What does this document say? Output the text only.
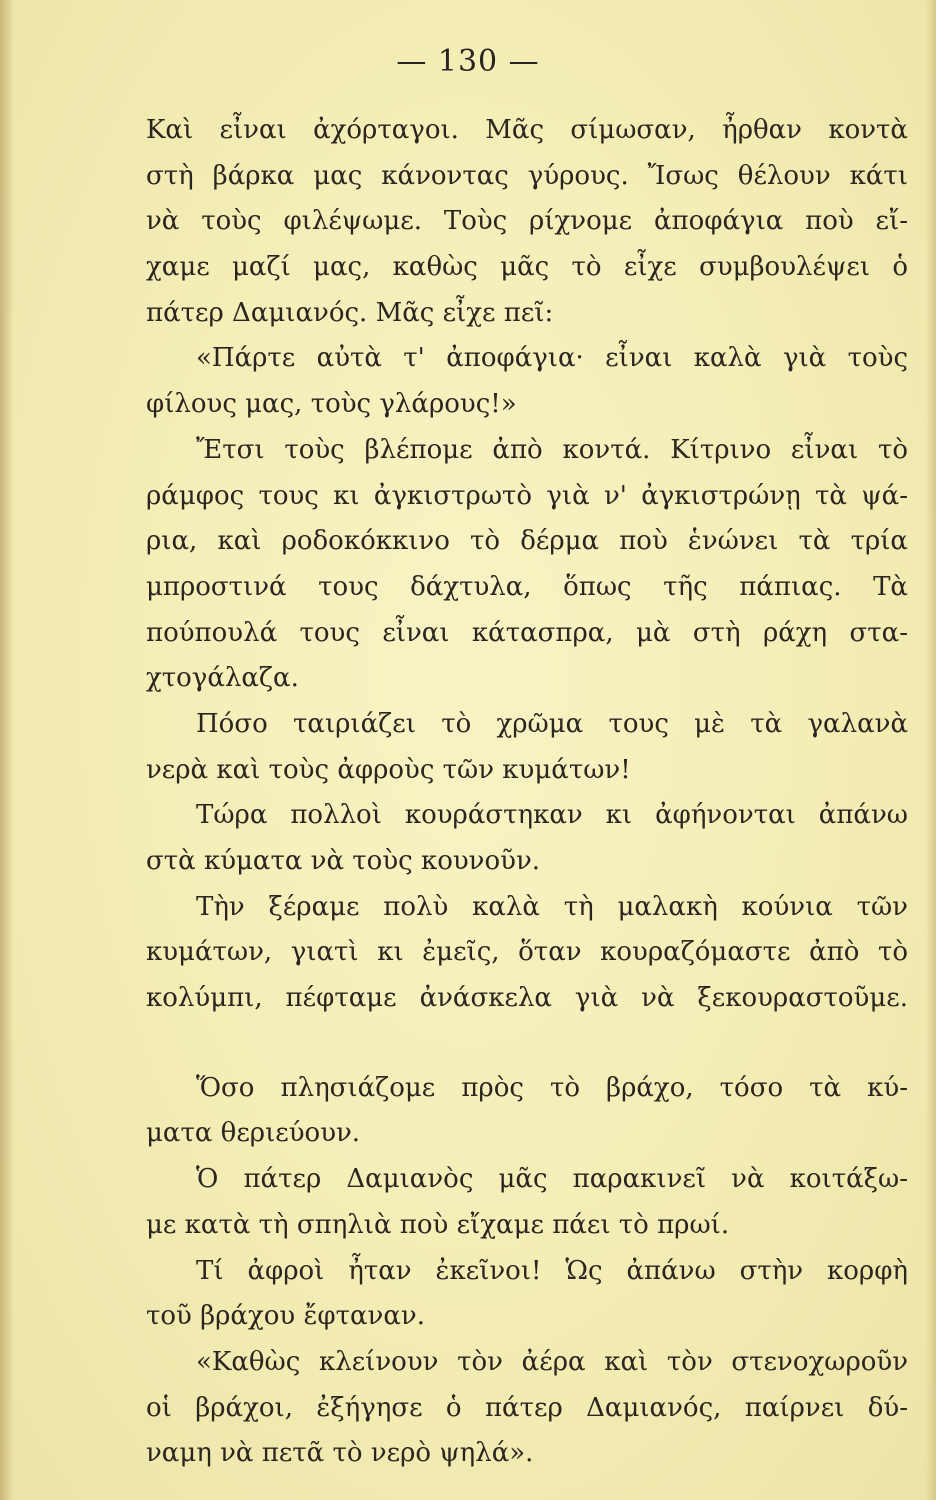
— 130 —
Καὶ εἶναι ἀχόρταγοι. Μᾶς σίμωσαν, ἦρθαν κοντὰ
στὴ βάρκα μας κάνοντας γύρους. Ἴσως θέλουν κάτι
νὰ τοὺς φιλέψωμε. Τοὺς ρίχνομε ἀποφάγια ποὺ εἴ-
χαμε μαζί μας, καθὼς μᾶς τὸ εἶχε συμβουλέψει ὁ
πάτερ Δαμιανός. Μᾶς εἶχε πεῖ:
«Πάρτε αὐτὰ τ' ἀποφάγια· εἶναι καλὰ γιὰ τοὺς
φίλους μας, τοὺς γλάρους!»
Ἔτσι τοὺς βλέπομε ἀπὸ κοντά. Κίτρινο εἶναι τὸ
ράμφος τους κι ἀγκιστρωτὸ γιὰ ν' ἀγκιστρώνῃ τὰ ψά-
ρια, καὶ ροδοκόκκινο τὸ δέρμα ποὺ ἑνώνει τὰ τρία
μπροστινά τους δάχτυλα, ὅπως τῆς πάπιας. Τὰ
πούπουλά τους εἶναι κάτασπρα, μὰ στὴ ράχη στα-
χτογάλαζα.
Πόσο ταιριάζει τὸ χρῶμα τους μὲ τὰ γαλανὰ
νερὰ καὶ τοὺς ἀφροὺς τῶν κυμάτων!
Τώρα πολλοὶ κουράστηκαν κι ἀφήνονται ἀπάνω
στὰ κύματα νὰ τοὺς κουνοῦν.
Τὴν ξέραμε πολὺ καλὰ τὴ μαλακὴ κούνια τῶν
κυμάτων, γιατὶ κι ἐμεῖς, ὅταν κουραζόμαστε ἀπὸ τὸ
κολύμπι, πέφταμε ἀνάσκελα γιὰ νὰ ξεκουραστοῦμε.
Ὅσο πλησιάζομε πρὸς τὸ βράχο, τόσο τὰ κύ-
ματα θεριεύουν.
Ὁ πάτερ Δαμιανὸς μᾶς παρακινεῖ νὰ κοιτάξω-
με κατὰ τὴ σπηλιὰ ποὺ εἴχαμε πάει τὸ πρωί.
Τί ἀφροὶ ἦταν ἐκεῖνοι! Ὡς ἀπάνω στὴν κορφὴ
τοῦ βράχου ἔφταναν.
«Καθὼς κλείνουν τὸν ἀέρα καὶ τὸν στενοχωροῦν
οἱ βράχοι, ἐξήγησε ὁ πάτερ Δαμιανός, παίρνει δύ-
ναμη νὰ πετᾶ τὸ νερὸ ψηλά».
